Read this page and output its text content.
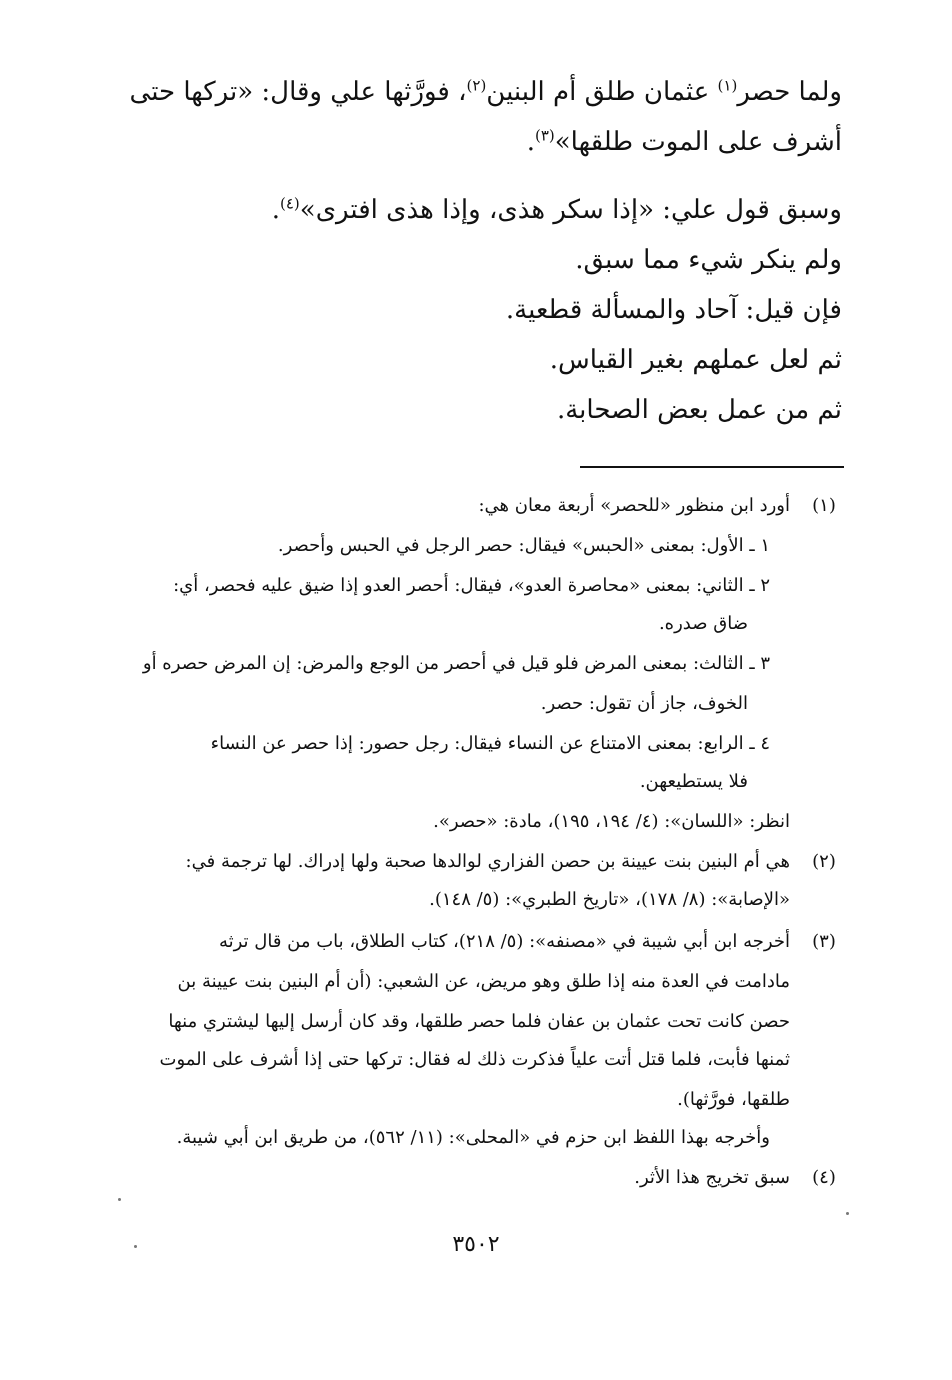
ولما حصر$^{(١)}$ عثمان طلق أم البنين$^{(٢)}$، فورَّثها علي وقال: «تركها حتى
أشرف على الموت طلقها»$^{(٣)}$.
وسبق قول علي: «إذا سكر هذى، وإذا هذى افترى»$^{(٤)}$.
ولم ينكر شيء مما سبق.
فإن قيل: آحاد والمسألة قطعية.
ثم لعل عملهم بغير القياس.
ثم من عمل بعض الصحابة.
(١)
أورد ابن منظور «للحصر» أربعة معان هي:
١ ـ الأول: بمعنى «الحبس» فيقال: حصر الرجل في الحبس وأحصر.
٢ ـ الثاني: بمعنى «محاصرة العدو»، فيقال: أحصر العدو إذا ضيق عليه فحصر، أي:
ضاق صدره.
٣ ـ الثالث: بمعنى المرض فلو قيل في أحصر من الوجع والمرض: إن المرض حصره أو
الخوف، جاز أن تقول: حصر.
٤ ـ الرابع: بمعنى الامتناع عن النساء فيقال: رجل حصور: إذا حصر عن النساء
فلا يستطيعهن.
انظر: «اللسان»: (٤/ ١٩٤، ١٩٥)، مادة: «حصر».
(٢)
هي أم البنين بنت عيينة بن حصن الفزاري لوالدها صحبة ولها إدراك. لها ترجمة في:
«الإصابة»: (٨/ ١٧٨)، «تاريخ الطبري»: (٥/ ١٤٨).
(٣)
أخرجه ابن أبي شيبة في «مصنفه»: (٥/ ٢١٨)، كتاب الطلاق، باب من قال ترثه
مادامت في العدة منه إذا طلق وهو مريض، عن الشعبي: (أن أم البنين بنت عيينة بن
حصن كانت تحت عثمان بن عفان فلما حصر طلقها، وقد كان أرسل إليها ليشتري منها
ثمنها فأبت، فلما قتل أتت علياً فذكرت ذلك له فقال: تركها حتى إذا أشرف على الموت
طلقها، فورَّثها).
وأخرجه بهذا اللفظ ابن حزم في «المحلى»: (١١/ ٥٦٢)، من طريق ابن أبي شيبة.
(٤)
سبق تخريج هذا الأثر.
٣٥٠٢
